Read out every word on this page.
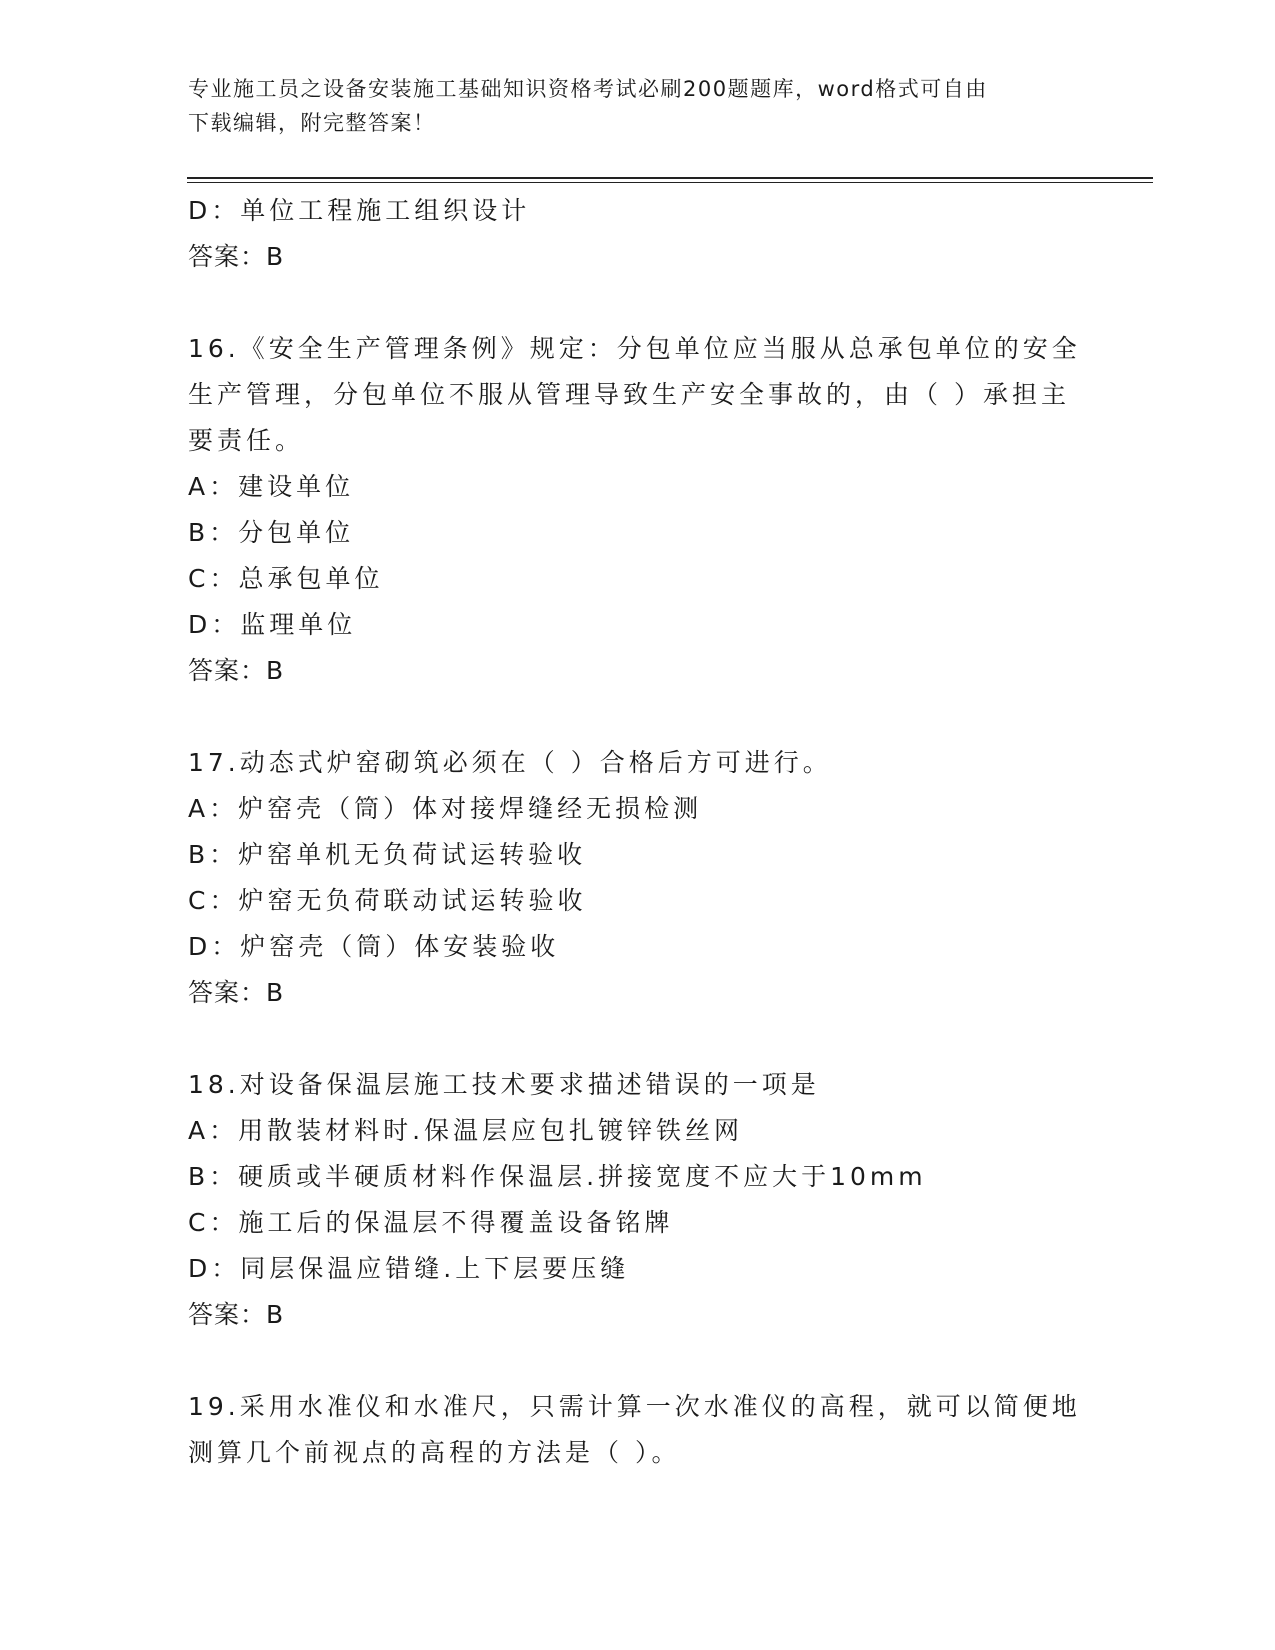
专业施工员之设备安装施工基础知识资格考试必刷200题题库，word格式可自由
下载编辑，附完整答案！
D：单位工程施工组织设计
答案：B
16.《安全生产管理条例》规定：分包单位应当服从总承包单位的安全
生产管理，分包单位不服从管理导致生产安全事故的，由（ ）承担主
要责任。
A：建设单位
B：分包单位
C：总承包单位
D：监理单位
答案：B
17.动态式炉窑砌筑必须在（ ）合格后方可进行。
A：炉窑壳（筒）体对接焊缝经无损检测
B：炉窑单机无负荷试运转验收
C：炉窑无负荷联动试运转验收
D：炉窑壳（筒）体安装验收
答案：B
18.对设备保温层施工技术要求描述错误的一项是
A：用散装材料时.保温层应包扎镀锌铁丝网
B：硬质或半硬质材料作保温层.拼接宽度不应大于10mm
C：施工后的保温层不得覆盖设备铭牌
D：同层保温应错缝.上下层要压缝
答案：B
19.采用水准仪和水准尺，只需计算一次水准仪的高程，就可以简便地
测算几个前视点的高程的方法是（ ）。
